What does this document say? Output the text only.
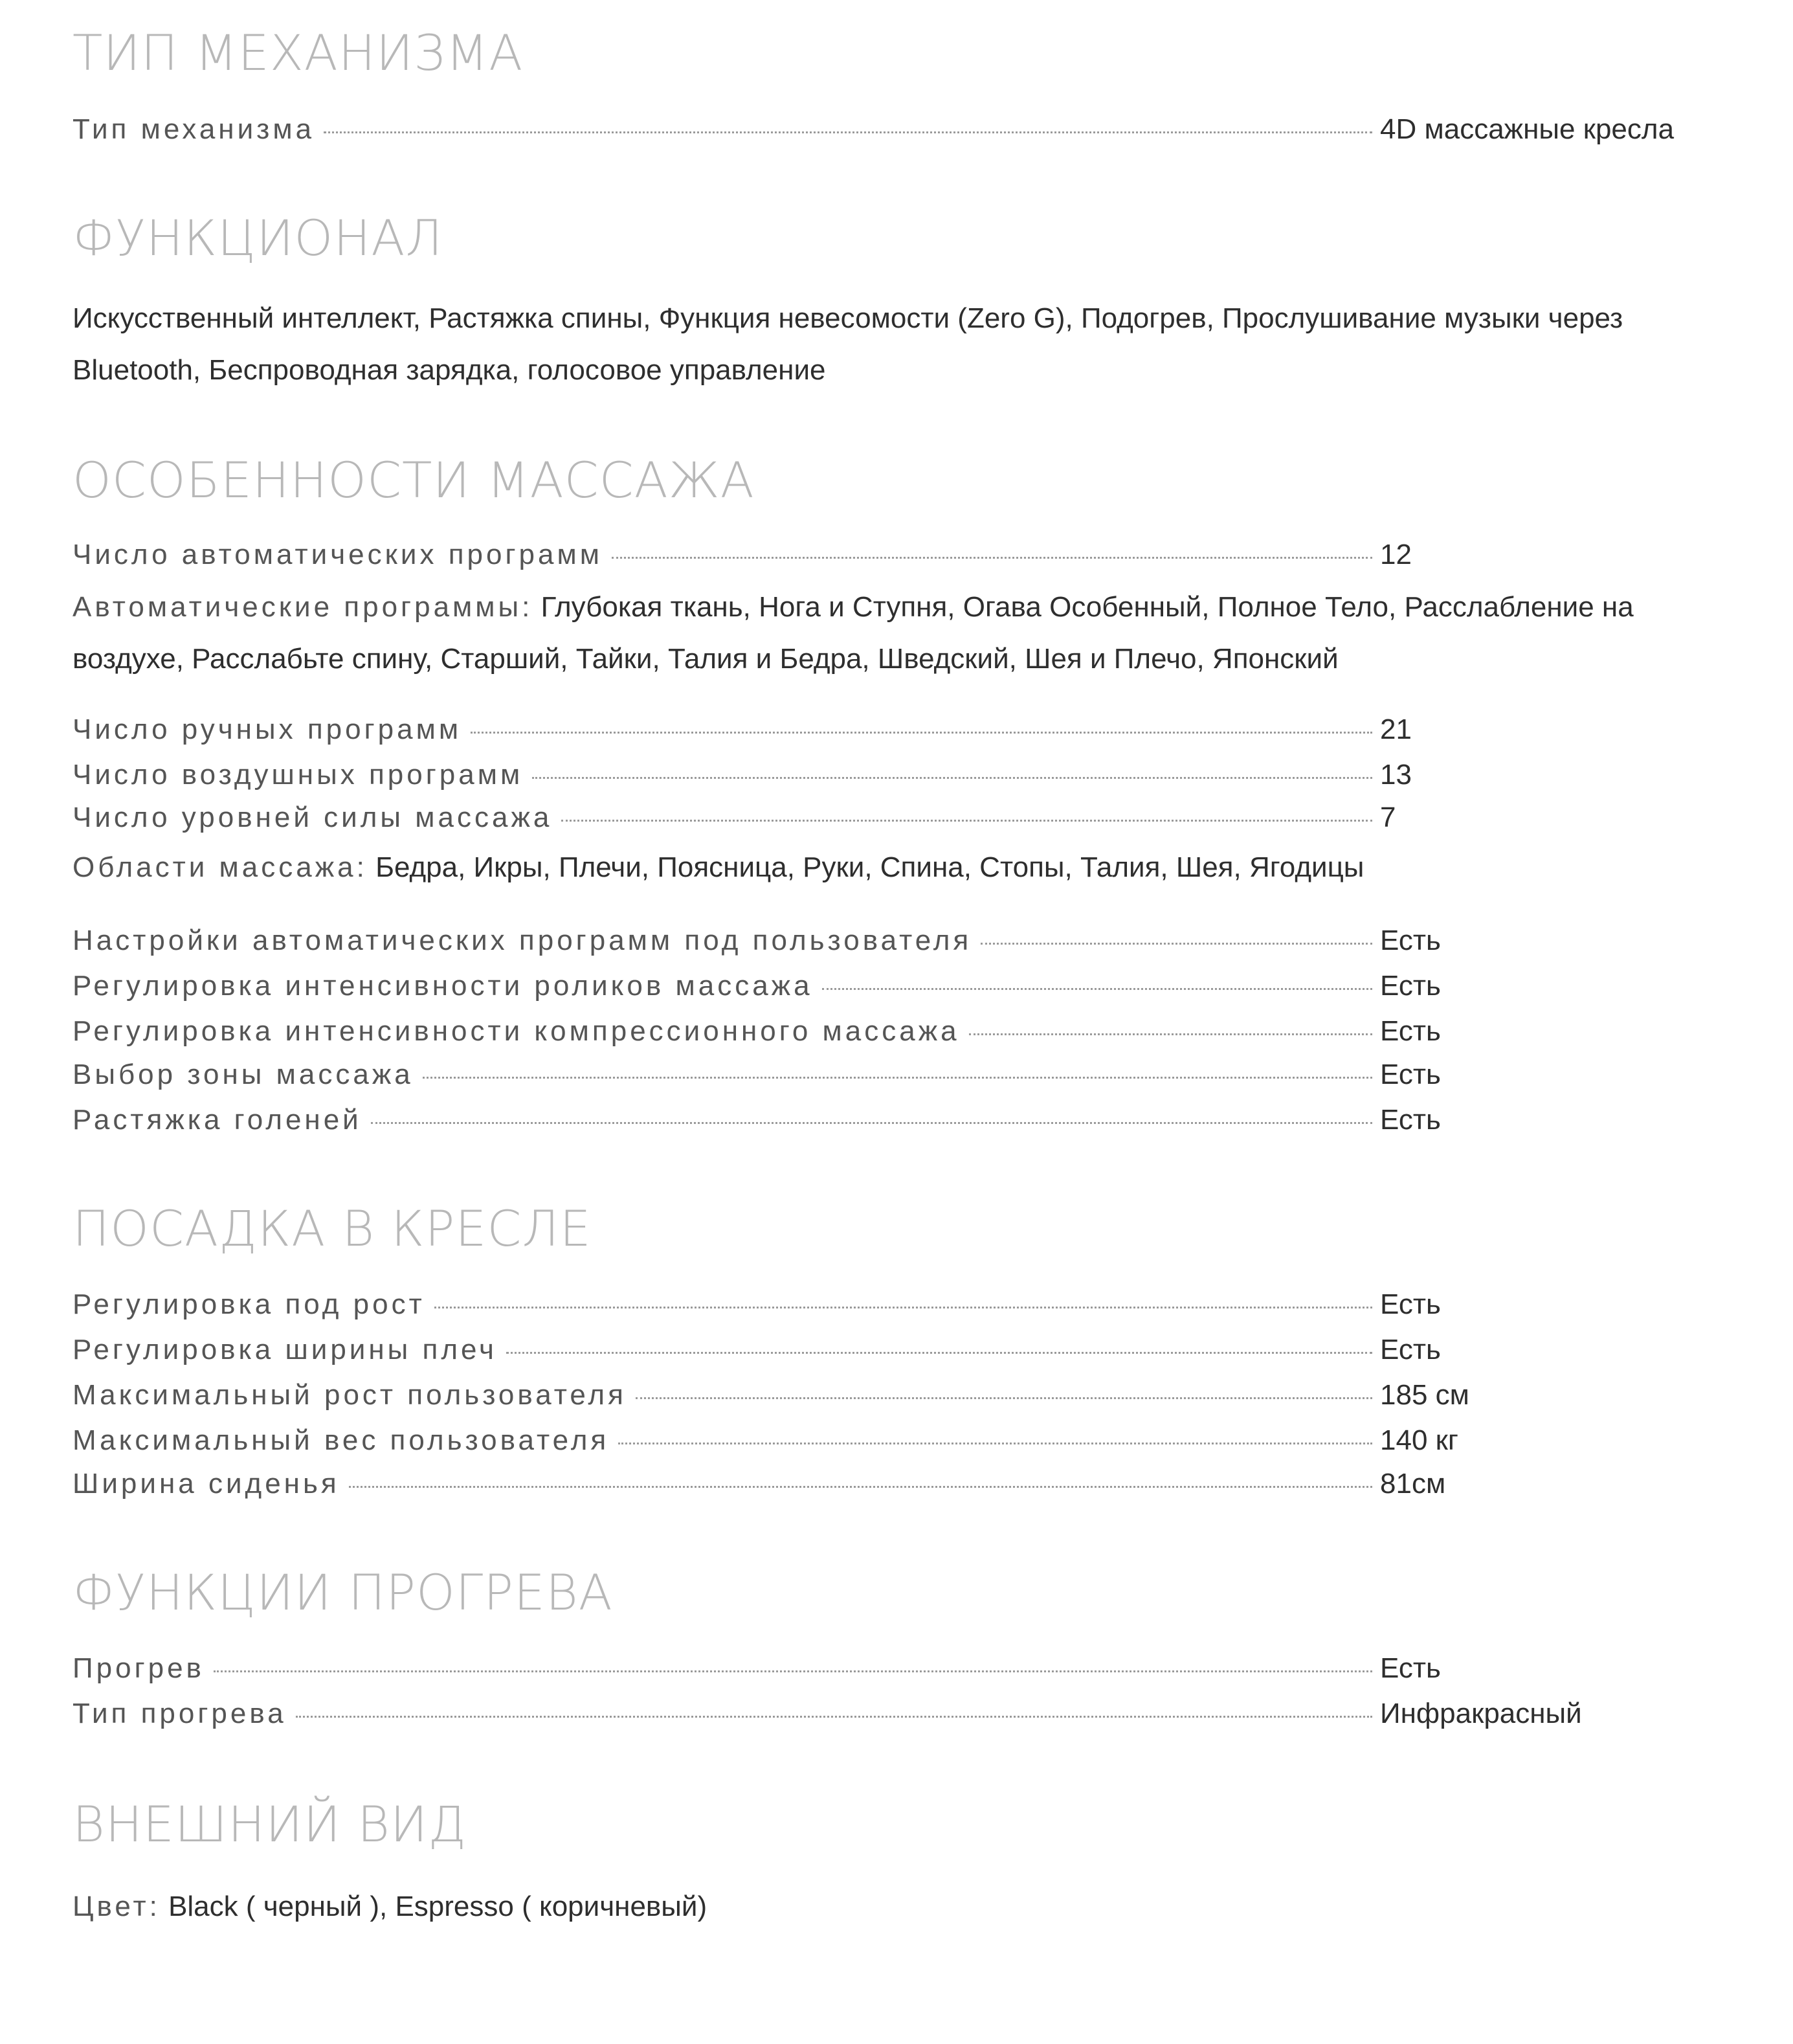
ТИП МЕХАНИЗМА
Тип механизма	4D массажные кресла
ФУНКЦИОНАЛ

Искусственный интеллект, Растяжка спины, Функция невесомости (Zero G), Подогрев, Прослушивание музыки через Bluetooth, Беспроводная зарядка, голосовое управление

ОСОБЕННОСТИ МАССАЖА
Число автоматических программ	12

Автоматические программы: Глубокая ткань, Нога и Ступня, Огава Особенный, Полное Тело, Расслабление на воздухе, Расслабьте спину, Старший, Тайки, Талия и Бедра, Шведский, Шея и Плечо, Японский

Число ручных программ	21
Число воздушных программ	13
Число уровней силы массажа	7

Области массажа: Бедра, Икры, Плечи, Поясница, Руки, Спина, Стопы, Талия, Шея, Ягодицы

Настройки автоматических программ под пользователя	Есть
Регулировка интенсивности роликов массажа	Есть
Регулировка интенсивности компрессионного массажа	Есть
Выбор зоны массажа	Есть
Растяжка голеней	Есть
ПОСАДКА В КРЕСЛЕ
Регулировка под рост	Есть
Регулировка ширины плеч	Есть
Максимальный рост пользователя	185 см
Максимальный вес пользователя	140 кг
Ширина сиденья	81см
ФУНКЦИИ ПРОГРЕВА
Прогрев	Есть
Тип прогрева	Инфракрасный
ВНЕШНИЙ ВИД

Цвет: Black ( черный ), Espresso ( коричневый)
